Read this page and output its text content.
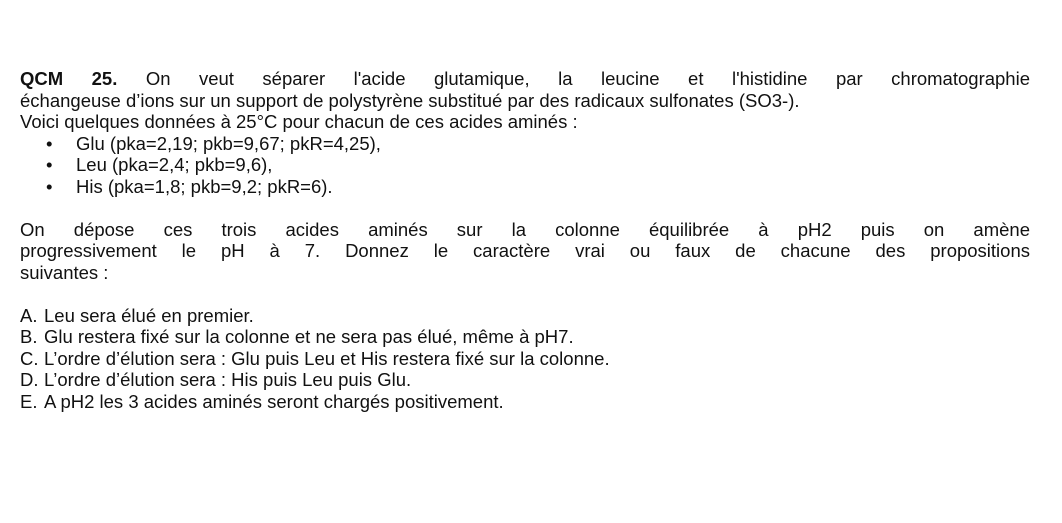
QCM 25. On veut séparer l'acide glutamique, la leucine et l'histidine par chromatographie
échangeuse d’ions sur un support de polystyrène substitué par des radicaux sulfonates (SO3-).
Voici quelques données à 25°C pour chacun de ces acides aminés :

• Glu (pka=2,19; pkb=9,67; pkR=4,25),
• Leu (pka=2,4; pkb=9,6),
• His (pka=1,8; pkb=9,2; pkR=6).

On dépose ces trois acides aminés sur la colonne équilibrée à pH2 puis on amène
progressivement le pH à 7. Donnez le caractère vrai ou faux de chacune des propositions
suivantes :

A. Leu sera élué en premier.
B. Glu restera fixé sur la colonne et ne sera pas élué, même à pH7.
C. L’ordre d’élution sera : Glu puis Leu et His restera fixé sur la colonne.
D. L’ordre d’élution sera : His puis Leu puis Glu.
E. A pH2 les 3 acides aminés seront chargés positivement.
